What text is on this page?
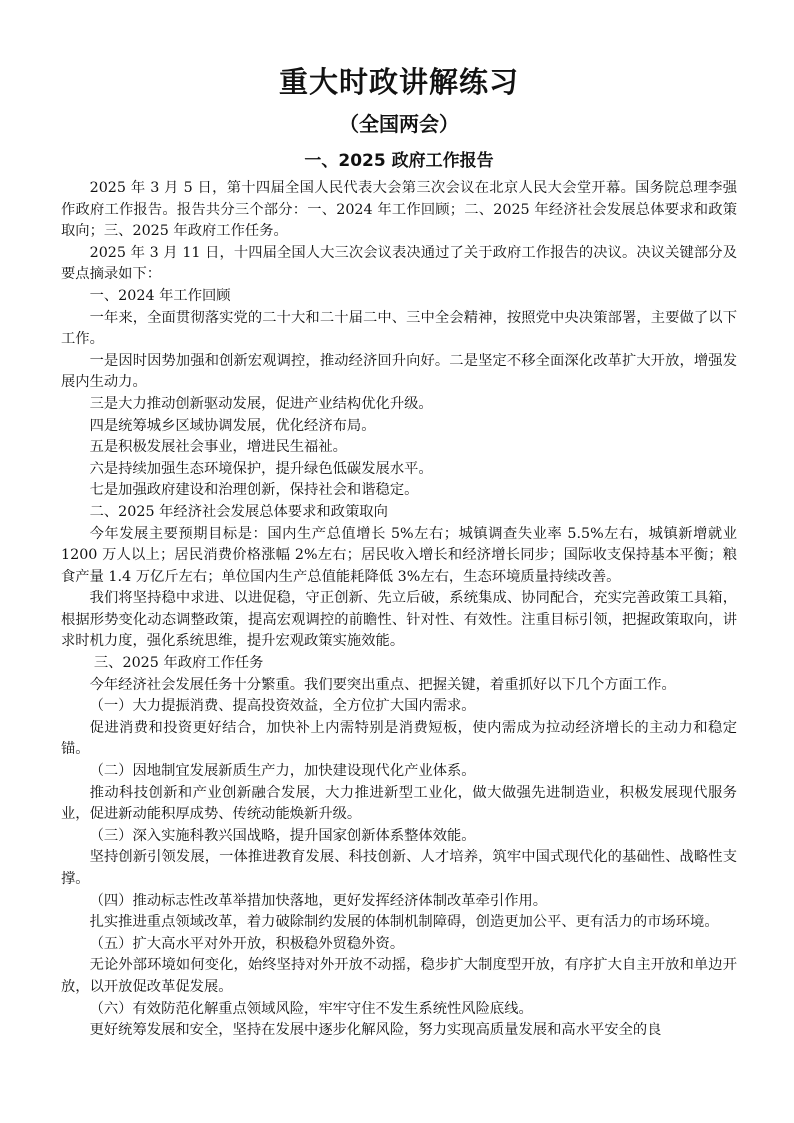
重大时政讲解练习
（全国两会）
一、2025 政府工作报告

2025 年 3 月 5 日，第十四届全国人民代表大会第三次会议在北京人民大会堂开幕。国务院总理李强作政府工作报告。报告共分三个部分：一、2024 年工作回顾；二、2025 年经济社会发展总体要求和政策取向；三、2025 年政府工作任务。

2025 年 3 月 11 日，十四届全国人大三次会议表决通过了关于政府工作报告的决议。决议关键部分及要点摘录如下：

一、2024 年工作回顾

一年来，全面贯彻落实党的二十大和二十届二中、三中全会精神，按照党中央决策部署，主要做了以下工作。

一是因时因势加强和创新宏观调控，推动经济回升向好。二是坚定不移全面深化改革扩大开放，增强发展内生动力。

三是大力推动创新驱动发展，促进产业结构优化升级。

四是统筹城乡区域协调发展，优化经济布局。

五是积极发展社会事业，增进民生福祉。

六是持续加强生态环境保护，提升绿色低碳发展水平。

七是加强政府建设和治理创新，保持社会和谐稳定。

二、2025 年经济社会发展总体要求和政策取向

今年发展主要预期目标是：国内生产总值增长 5%左右；城镇调查失业率 5.5%左右，城镇新增就业 1200 万人以上；居民消费价格涨幅 2%左右；居民收入增长和经济增长同步；国际收支保持基本平衡；粮食产量 1.4 万亿斤左右；单位国内生产总值能耗降低 3%左右，生态环境质量持续改善。

我们将坚持稳中求进、以进促稳，守正创新、先立后破，系统集成、协同配合，充实完善政策工具箱，根据形势变化动态调整政策，提高宏观调控的前瞻性、针对性、有效性。注重目标引领，把握政策取向，讲求时机力度，强化系统思维，提升宏观政策实施效能。

三、2025 年政府工作任务

今年经济社会发展任务十分繁重。我们要突出重点、把握关键，着重抓好以下几个方面工作。

（一）大力提振消费、提高投资效益，全方位扩大国内需求。

促进消费和投资更好结合，加快补上内需特别是消费短板，使内需成为拉动经济增长的主动力和稳定锚。

（二）因地制宜发展新质生产力，加快建设现代化产业体系。

推动科技创新和产业创新融合发展，大力推进新型工业化，做大做强先进制造业，积极发展现代服务业，促进新动能积厚成势、传统动能焕新升级。

（三）深入实施科教兴国战略，提升国家创新体系整体效能。

坚持创新引领发展，一体推进教育发展、科技创新、人才培养，筑牢中国式现代化的基础性、战略性支撑。

（四）推动标志性改革举措加快落地，更好发挥经济体制改革牵引作用。

扎实推进重点领域改革，着力破除制约发展的体制机制障碍，创造更加公平、更有活力的市场环境。

（五）扩大高水平对外开放，积极稳外贸稳外资。

无论外部环境如何变化，始终坚持对外开放不动摇，稳步扩大制度型开放，有序扩大自主开放和单边开放，以开放促改革促发展。

（六）有效防范化解重点领域风险，牢牢守住不发生系统性风险底线。

更好统筹发展和安全，坚持在发展中逐步化解风险，努力实现高质量发展和高水平安全的良
